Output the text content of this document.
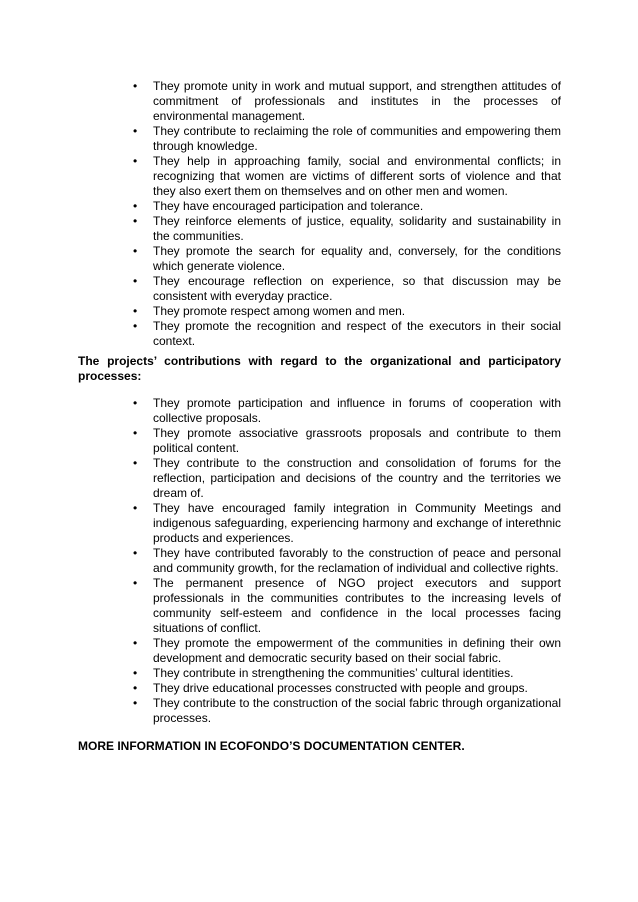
• They promote unity in work and mutual support, and strengthen attitudes of commitment of professionals and institutes in the processes of environmental management.
• They contribute to reclaiming the role of communities and empowering them through knowledge.
• They help in approaching family, social and environmental conflicts; in recognizing that women are victims of different sorts of violence and that they also exert them on themselves and on other men and women.
• They have encouraged participation and tolerance.
• They reinforce elements of justice, equality, solidarity and sustainability in the communities.
• They promote the search for equality and, conversely, for the conditions which generate violence.
• They encourage reflection on experience, so that discussion may be consistent with everyday practice.
• They promote respect among women and men.
• They promote the recognition and respect of the executors in their social context.

The projects’ contributions with regard to the organizational and participatory processes:

• They promote participation and influence in forums of cooperation with collective proposals.
• They promote associative grassroots proposals and contribute to them political content.
• They contribute to the construction and consolidation of forums for the reflection, participation and decisions of the country and the territories we dream of.
• They have encouraged family integration in Community Meetings and indigenous safeguarding, experiencing harmony and exchange of interethnic products and experiences.
• They have contributed favorably to the construction of peace and personal and community growth, for the reclamation of individual and collective rights.
• The permanent presence of NGO project executors and support professionals in the communities contributes to the increasing levels of community self-esteem and confidence in the local processes facing situations of conflict.
• They promote the empowerment of the communities in defining their own development and democratic security based on their social fabric.
• They contribute in strengthening the communities’ cultural identities.
• They drive educational processes constructed with people and groups.
• They contribute to the construction of the social fabric through organizational processes.

MORE INFORMATION IN ECOFONDO’S DOCUMENTATION CENTER.
